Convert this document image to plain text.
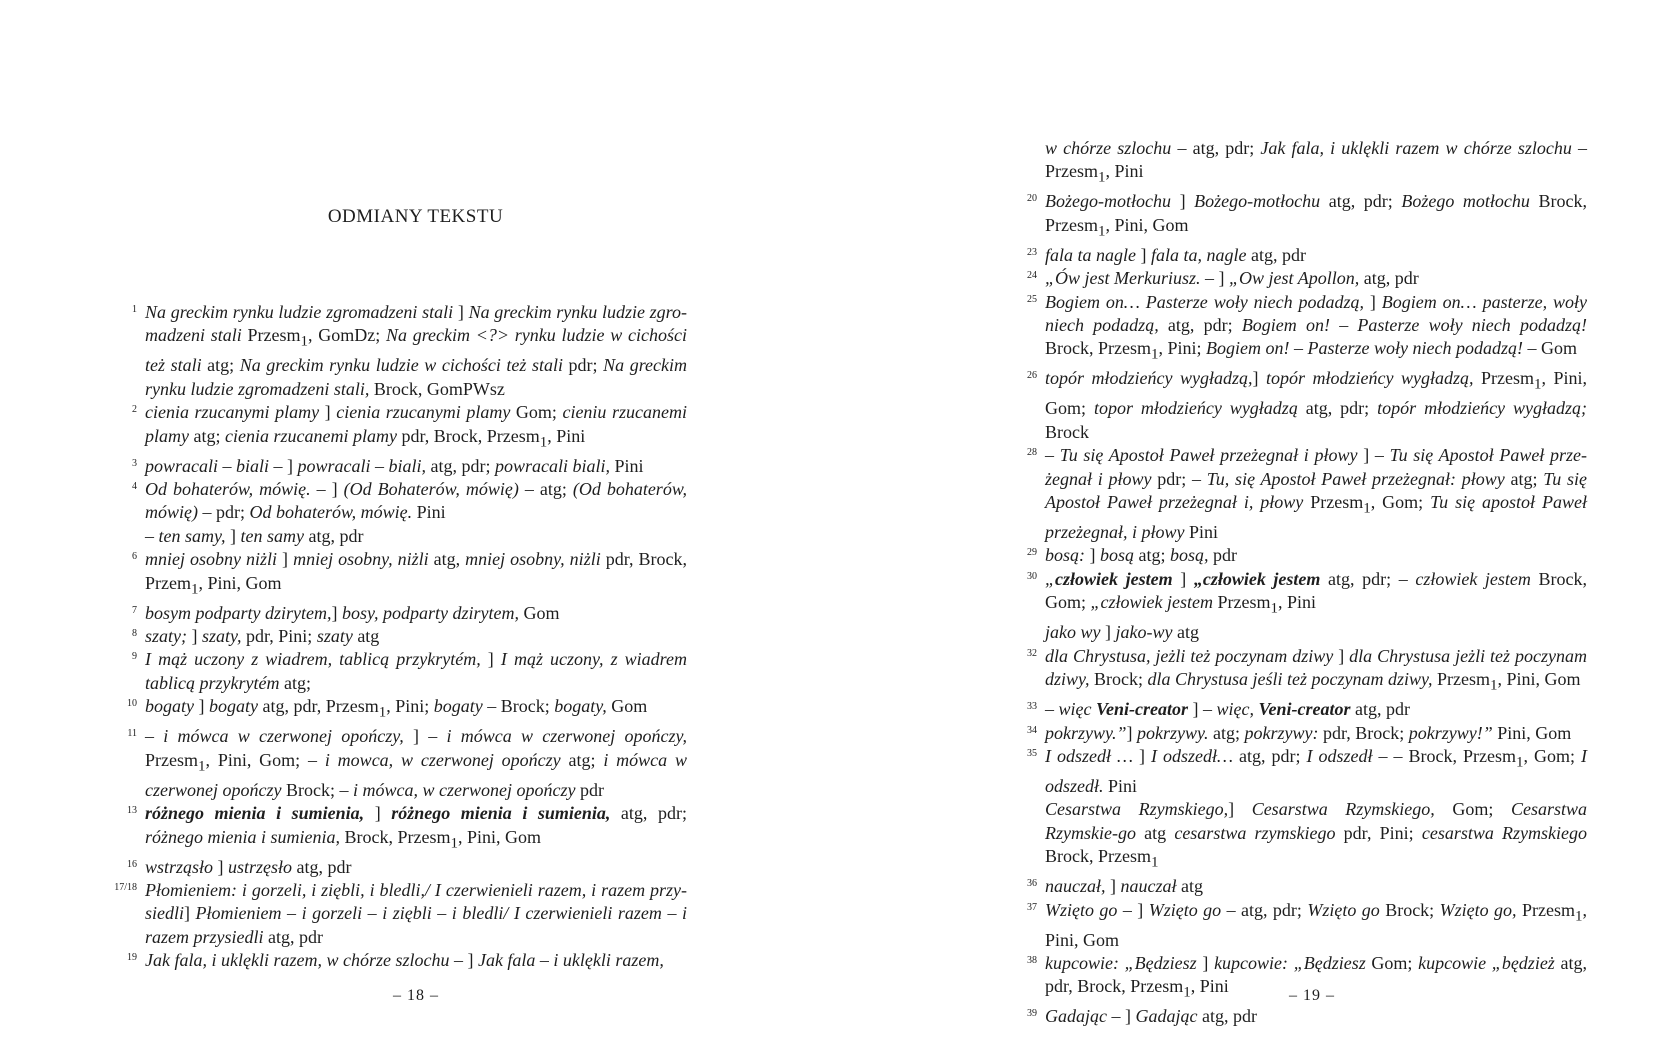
ODMIANY TEKSTU
1 Na greckim rynku ludzie zgromadzeni stali ] Na greckim rynku ludzie zgro-madzeni stali Przesm$_1$, GomDz; Na greckim <?> rynku ludzie w cichości też stali atg; Na greckim rynku ludzie w cichości też stali pdr; Na greckim rynku ludzie zgromadzeni stali, Brock, GomPWsz
2 cienia rzucanymi plamy ] cienia rzucanymi plamy Gom; cieniu rzucanemi plamy atg; cienia rzucanemi plamy pdr, Brock, Przesm$_1$, Pini
3 powracali – biali – ] powracali – biali, atg, pdr; powracali biali, Pini
4 Od bohaterów, mówię. – ] (Od Bohaterów, mówię) – atg; (Od bohaterów, mówię) – pdr; Od bohaterów, mówię. Pini
– ten samy, ] ten samy atg, pdr
6 mniej osobny niżli ] mniej osobny, niżli atg, mniej osobny, niżli pdr, Brock, Przem$_1$, Pini, Gom
7 bosym podparty dzirytem,] bosy, podparty dzirytem, Gom
8 szaty; ] szaty, pdr, Pini; szaty atg
9 I mąż uczony z wiadrem, tablicą przykrytém, ] I mąż uczony, z wiadrem tablicą przykrytém atg;
10 bogaty ] bogaty atg, pdr, Przesm$_1$, Pini; bogaty – Brock; bogaty, Gom
11 – i mówca w czerwonej opończy, ] – i mówca w czerwonej opończy, Przesm$_1$, Pini, Gom; – i mowca, w czerwonej opończy atg; i mówca w czerwonej opończy Brock; – i mówca, w czerwonej opończy pdr
13 różnego mienia i sumienia, ] różnego mienia i sumienia, atg, pdr; różnego mienia i sumienia, Brock, Przesm$_1$, Pini, Gom
16 wstrząsło ] ustrzęsło atg, pdr
17/18 Płomieniem: i gorzeli, i ziębli, i bledli,/ I czerwienieli razem, i razem przy-siedli] Płomieniem – i gorzeli – i ziębli – i bledli/ I czerwienieli razem – i razem przysiedli atg, pdr
19 Jak fala, i uklękli razem, w chórze szlochu – ] Jak fala – i uklękli razem,
– 18 –
w chórze szlochu – atg, pdr; Jak fala, i uklękli razem w chórze szlochu – Przesm$_1$, Pini
20 Bożego-motłochu ] Bożego-motłochu atg, pdr; Bożego motłochu Brock, Przesm$_1$, Pini, Gom
23 fala ta nagle ] fala ta, nagle atg, pdr
24 „Ów jest Merkuriusz. – ] „Ow jest Apollon, atg, pdr
25 Bogiem on… Pasterze woły niech podadzą, ] Bogiem on… pasterze, woły niech podadzą, atg, pdr; Bogiem on! – Pasterze woły niech podadzą! Brock, Przesm$_1$, Pini; Bogiem on! – Pasterze woły niech podadzą! – Gom
26 topór młodzieńcy wygładzą,] topór młodzieńcy wygładzą, Przesm$_1$, Pini, Gom; topor młodzieńcy wygładzą atg, pdr; topór młodzieńcy wygładzą; Brock
28 – Tu się Apostoł Paweł przeżegnał i płowy ] – Tu się Apostoł Paweł prze-żegnał i płowy pdr; – Tu, się Apostoł Paweł przeżegnał: płowy atg; Tu się Apostoł Paweł przeżegnał i, płowy Przesm$_1$, Gom; Tu się apostoł Paweł przeżegnał, i płowy Pini
29 bosą: ] bosą atg; bosą, pdr
30 „człowiek jestem ] „człowiek jestem atg, pdr; – człowiek jestem Brock, Gom; „człowiek jestem Przesm$_1$, Pini
jako wy ] jako-wy atg
32 dla Chrystusa, jeżli też poczynam dziwy ] dla Chrystusa jeżli też poczynam dziwy, Brock; dla Chrystusa jeśli też poczynam dziwy, Przesm$_1$, Pini, Gom
33 – więc Veni-creator ] – więc, Veni-creator atg, pdr
34 pokrzywy.”] pokrzywy. atg; pokrzywy: pdr, Brock; pokrzywy!” Pini, Gom
35 I odszedł … ] I odszedł… atg, pdr; I odszedł – – Brock, Przesm$_1$, Gom; I odszedł. Pini
Cesarstwa Rzymskiego,] Cesarstwa Rzymskiego, Gom; Cesarstwa Rzymskie-go atg cesarstwa rzymskiego pdr, Pini; cesarstwa Rzymskiego Brock, Przesm$_1$
36 nauczał, ] nauczał atg
37 Wzięto go – ] Wzięto go – atg, pdr; Wzięto go Brock; Wzięto go, Przesm$_1$, Pini, Gom
38 kupcowie: „Będziesz ] kupcowie: „Będziesz Gom; kupcowie „będzież atg, pdr, Brock, Przesm$_1$, Pini
39 Gadając – ] Gadając atg, pdr
– 19 –
